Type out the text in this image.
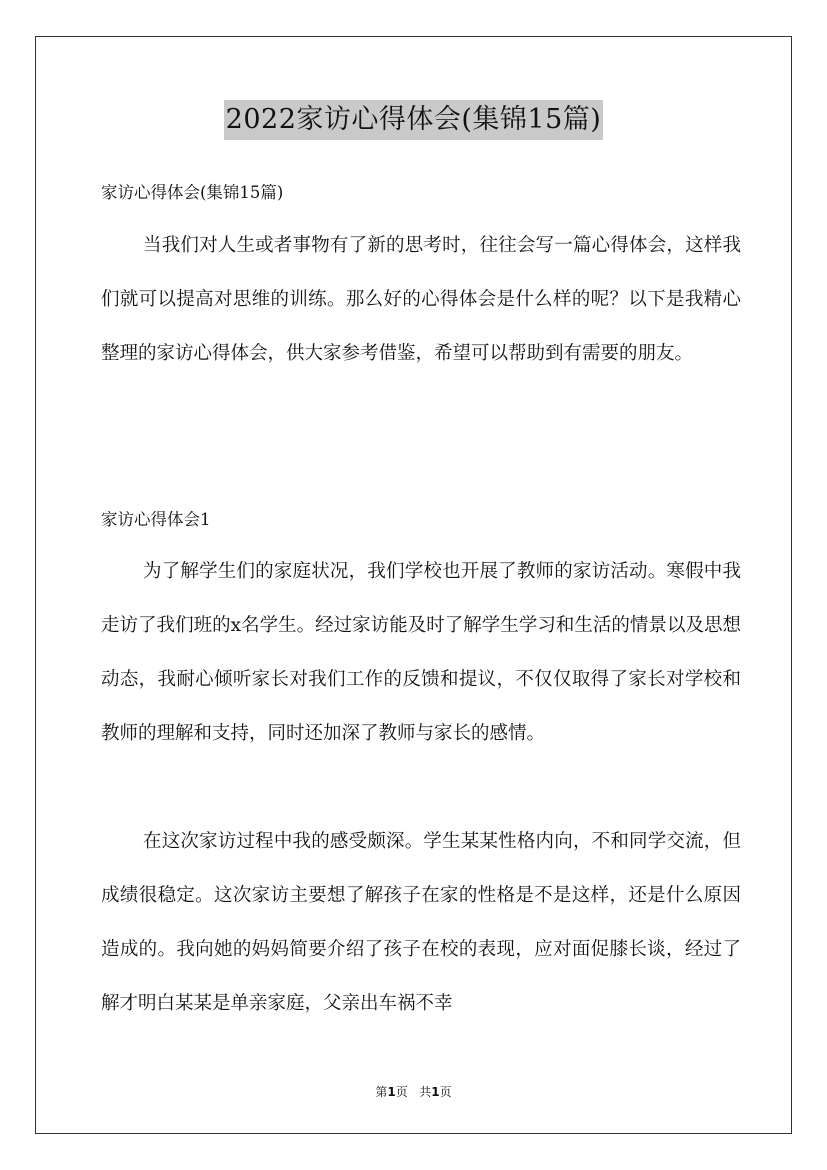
2022家访心得体会(集锦15篇)
家访心得体会(集锦15篇)

当我们对人生或者事物有了新的思考时，往往会写一篇心得体会，这样我们就可以提高对思维的训练。那么好的心得体会是什么样的呢？以下是我精心整理的家访心得体会，供大家参考借鉴，希望可以帮助到有需要的朋友。

家访心得体会1

为了解学生们的家庭状况，我们学校也开展了教师的家访活动。寒假中我走访了我们班的x名学生。经过家访能及时了解学生学习和生活的情景以及思想动态，我耐心倾听家长对我们工作的反馈和提议，不仅仅取得了家长对学校和教师的理解和支持，同时还加深了教师与家长的感情。

在这次家访过程中我的感受颇深。学生某某性格内向，不和同学交流，但成绩很稳定。这次家访主要想了解孩子在家的性格是不是这样，还是什么原因造成的。我向她的妈妈简要介绍了孩子在校的表现，应对面促膝长谈，经过了解才明白某某是单亲家庭，父亲出车祸不幸

第1页 共1页
